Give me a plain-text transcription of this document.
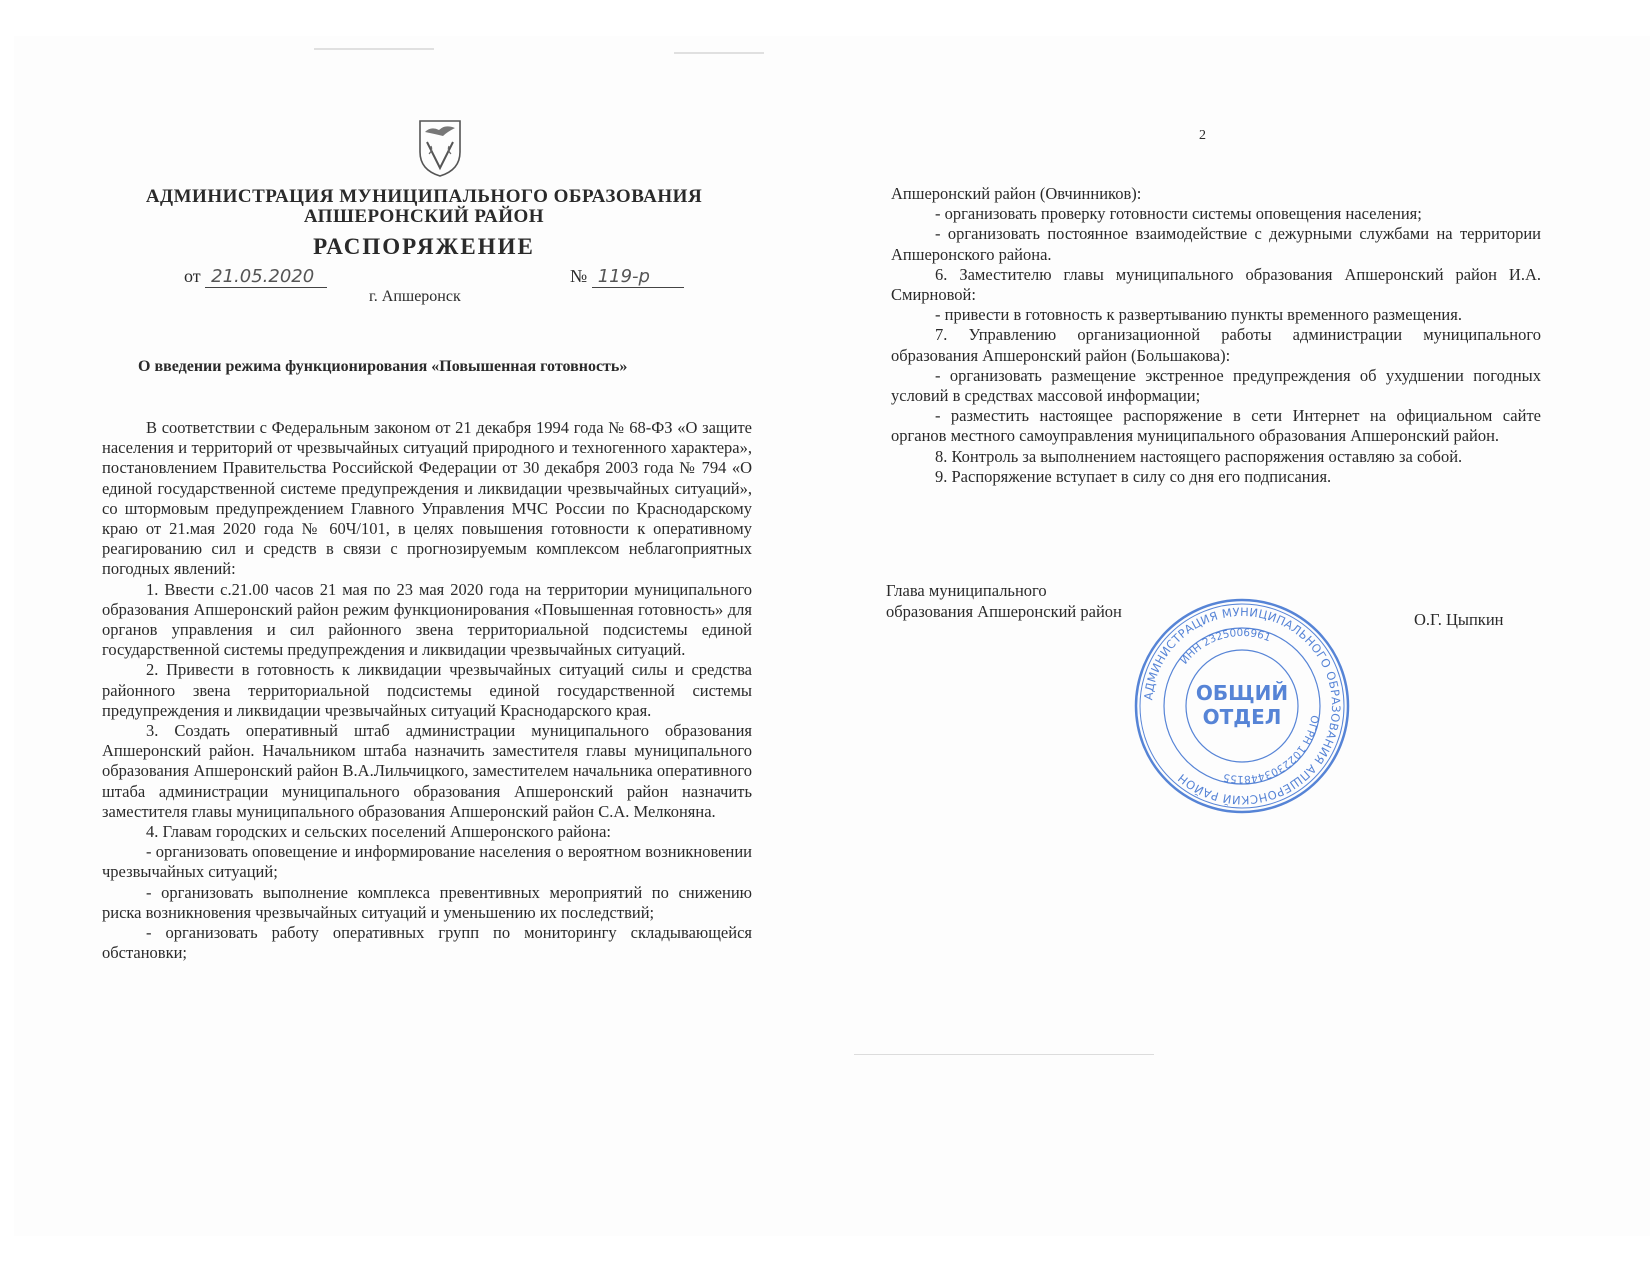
АДМИНИСТРАЦИЯ МУНИЦИПАЛЬНОГО ОБРАЗОВАНИЯ
АПШЕРОНСКИЙ РАЙОН
РАСПОРЯЖЕНИЕ
от 21.05.2020	№ 119-р
г. Апшеронск
О введении режима функционирования «Повышенная готовность»

В соответствии с Федеральным законом от 21 декабря 1994 года № 68-ФЗ «О защите населения и территорий от чрезвычайных ситуаций природного и техногенного характера», постановлением Правительства Российской Федерации от 30 декабря 2003 года № 794 «О единой государственной системе предупреждения и ликвидации чрезвычайных ситуаций», со штормовым предупреждением Главного Управления МЧС России по Краснодарскому краю от 21.мая 2020 года № 60Ч/101, в целях повышения готовности к оперативному реагированию сил и средств в связи с прогнозируемым комплексом неблагоприятных погодных явлений:

1. Ввести с.21.00 часов 21 мая по 23 мая 2020 года на территории муниципального образования Апшеронский район режим функционирования «Повышенная готовность» для органов управления и сил районного звена территориальной подсистемы единой государственной системы предупреждения и ликвидации чрезвычайных ситуаций.

2. Привести в готовность к ликвидации чрезвычайных ситуаций силы и средства районного звена территориальной подсистемы единой государственной системы предупреждения и ликвидации чрезвычайных ситуаций Краснодарского края.

3. Создать оперативный штаб администрации муниципального образования Апшеронский район. Начальником штаба назначить заместителя главы муниципального образования Апшеронский район В.А.Лильчицкого, заместителем начальника оперативного штаба администрации муниципального образования Апшеронский район назначить заместителя главы муниципального образования Апшеронский район С.А. Мелконяна.

4. Главам городских и сельских поселений Апшеронского района:

- организовать оповещение и информирование населения о вероятном возникновении чрезвычайных ситуаций;

- организовать выполнение комплекса превентивных мероприятий по снижению риска возникновения чрезвычайных ситуаций и уменьшению их последствий;

- организовать работу оперативных групп по мониторингу складывающейся обстановки;

2

Апшеронский район (Овчинников):

- организовать проверку готовности системы оповещения населения;

- организовать постоянное взаимодействие с дежурными службами на территории Апшеронского района.

6. Заместителю главы муниципального образования Апшеронский район И.А. Смирновой:

- привести в готовность к развертыванию пункты временного размещения.

7. Управлению организационной работы администрации муниципального образования Апшеронский район (Большакова):

- организовать размещение экстренное предупреждения об ухудшении погодных условий в средствах массовой информации;

- разместить настоящее распоряжение в сети Интернет на официальном сайте органов местного самоуправления муниципального образования Апшеронский район.

8. Контроль за выполнением настоящего распоряжения оставляю за собой.

9. Распоряжение вступает в силу со дня его подписания.

Глава муниципального
образования Апшеронский район	О.Г. Цыпкин
АДМИНИСТРАЦИЯ МУНИЦИПАЛЬНОГО ОБРАЗОВАНИЯ АПШЕРОНСКИЙ РАЙОН
ОГРН 1022303448155
ИНН 2325006961
ОБЩИЙ
ОТДЕЛ
